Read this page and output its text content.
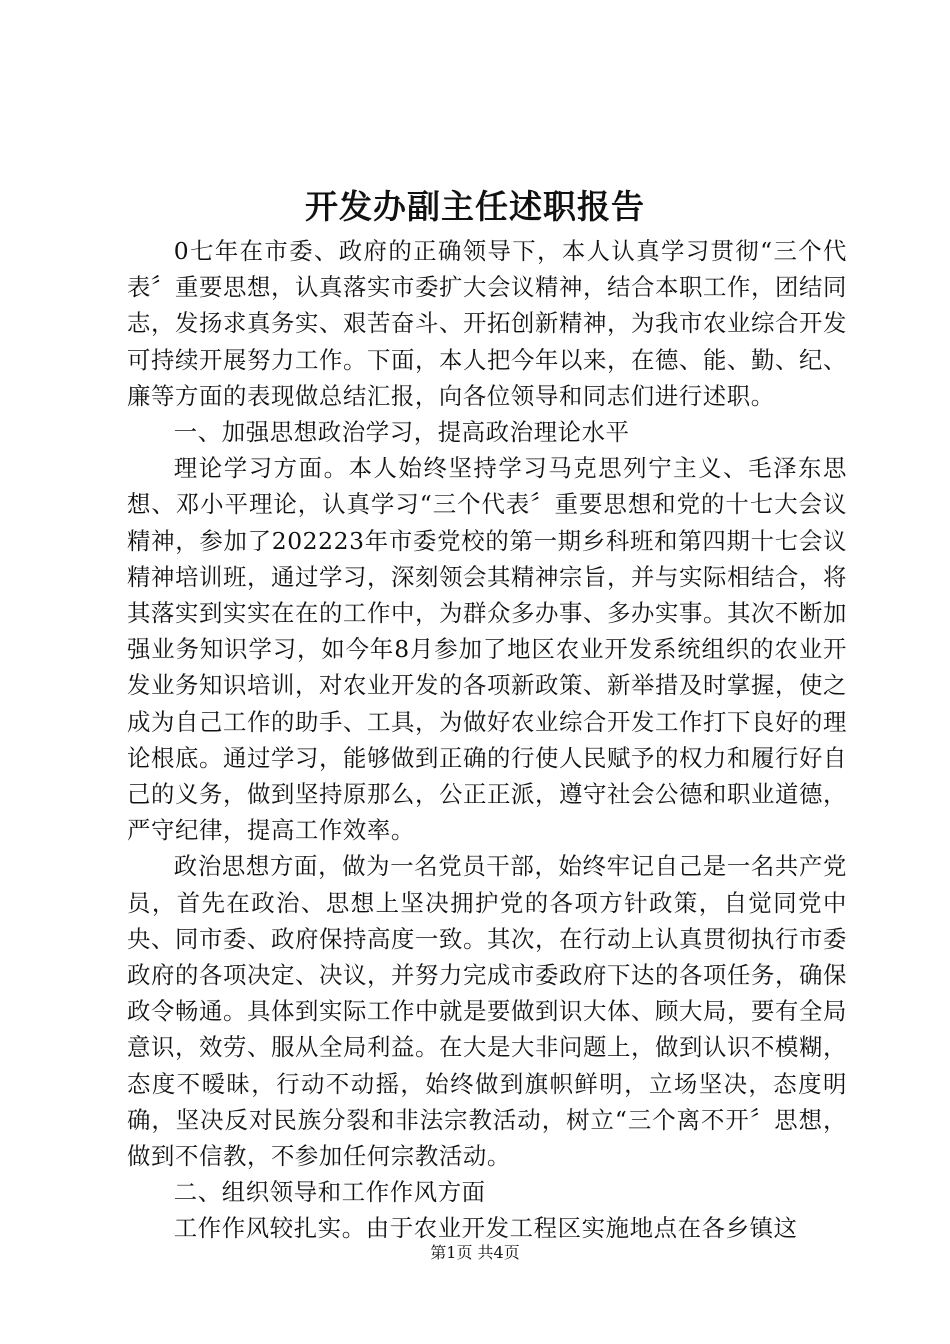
开发办副主任述职报告

0七年在市委、政府的正确领导下，本人认真学习贯彻“三个代表〞重要思想，认真落实市委扩大会议精神，结合本职工作，团结同志，发扬求真务实、艰苦奋斗、开拓创新精神，为我市农业综合开发可持续开展努力工作。下面，本人把今年以来，在德、能、勤、纪、廉等方面的表现做总结汇报，向各位领导和同志们进行述职。

一、加强思想政治学习，提高政治理论水平

理论学习方面。本人始终坚持学习马克思列宁主义、毛泽东思想、邓小平理论，认真学习“三个代表〞重要思想和党的十七大会议精神，参加了202223年市委党校的第一期乡科班和第四期十七会议精神培训班，通过学习，深刻领会其精神宗旨，并与实际相结合，将其落实到实实在在的工作中，为群众多办事、多办实事。其次不断加强业务知识学习，如今年8月参加了地区农业开发系统组织的农业开发业务知识培训，对农业开发的各项新政策、新举措及时掌握，使之成为自己工作的助手、工具，为做好农业综合开发工作打下良好的理论根底。通过学习，能够做到正确的行使人民赋予的权力和履行好自己的义务，做到坚持原那么，公正正派，遵守社会公德和职业道德，严守纪律，提高工作效率。

政治思想方面，做为一名党员干部，始终牢记自己是一名共产党员，首先在政治、思想上坚决拥护党的各项方针政策，自觉同党中央、同市委、政府保持高度一致。其次，在行动上认真贯彻执行市委政府的各项决定、决议，并努力完成市委政府下达的各项任务，确保政令畅通。具体到实际工作中就是要做到识大体、顾大局，要有全局意识，效劳、服从全局利益。在大是大非问题上，做到认识不模糊，态度不暧昧，行动不动摇，始终做到旗帜鲜明，立场坚决，态度明确，坚决反对民族分裂和非法宗教活动，树立“三个离不开〞思想，做到不信教，不参加任何宗教活动。

二、组织领导和工作作风方面

工作作风较扎实。由于农业开发工程区实施地点在各乡镇这

第1页 共4页
